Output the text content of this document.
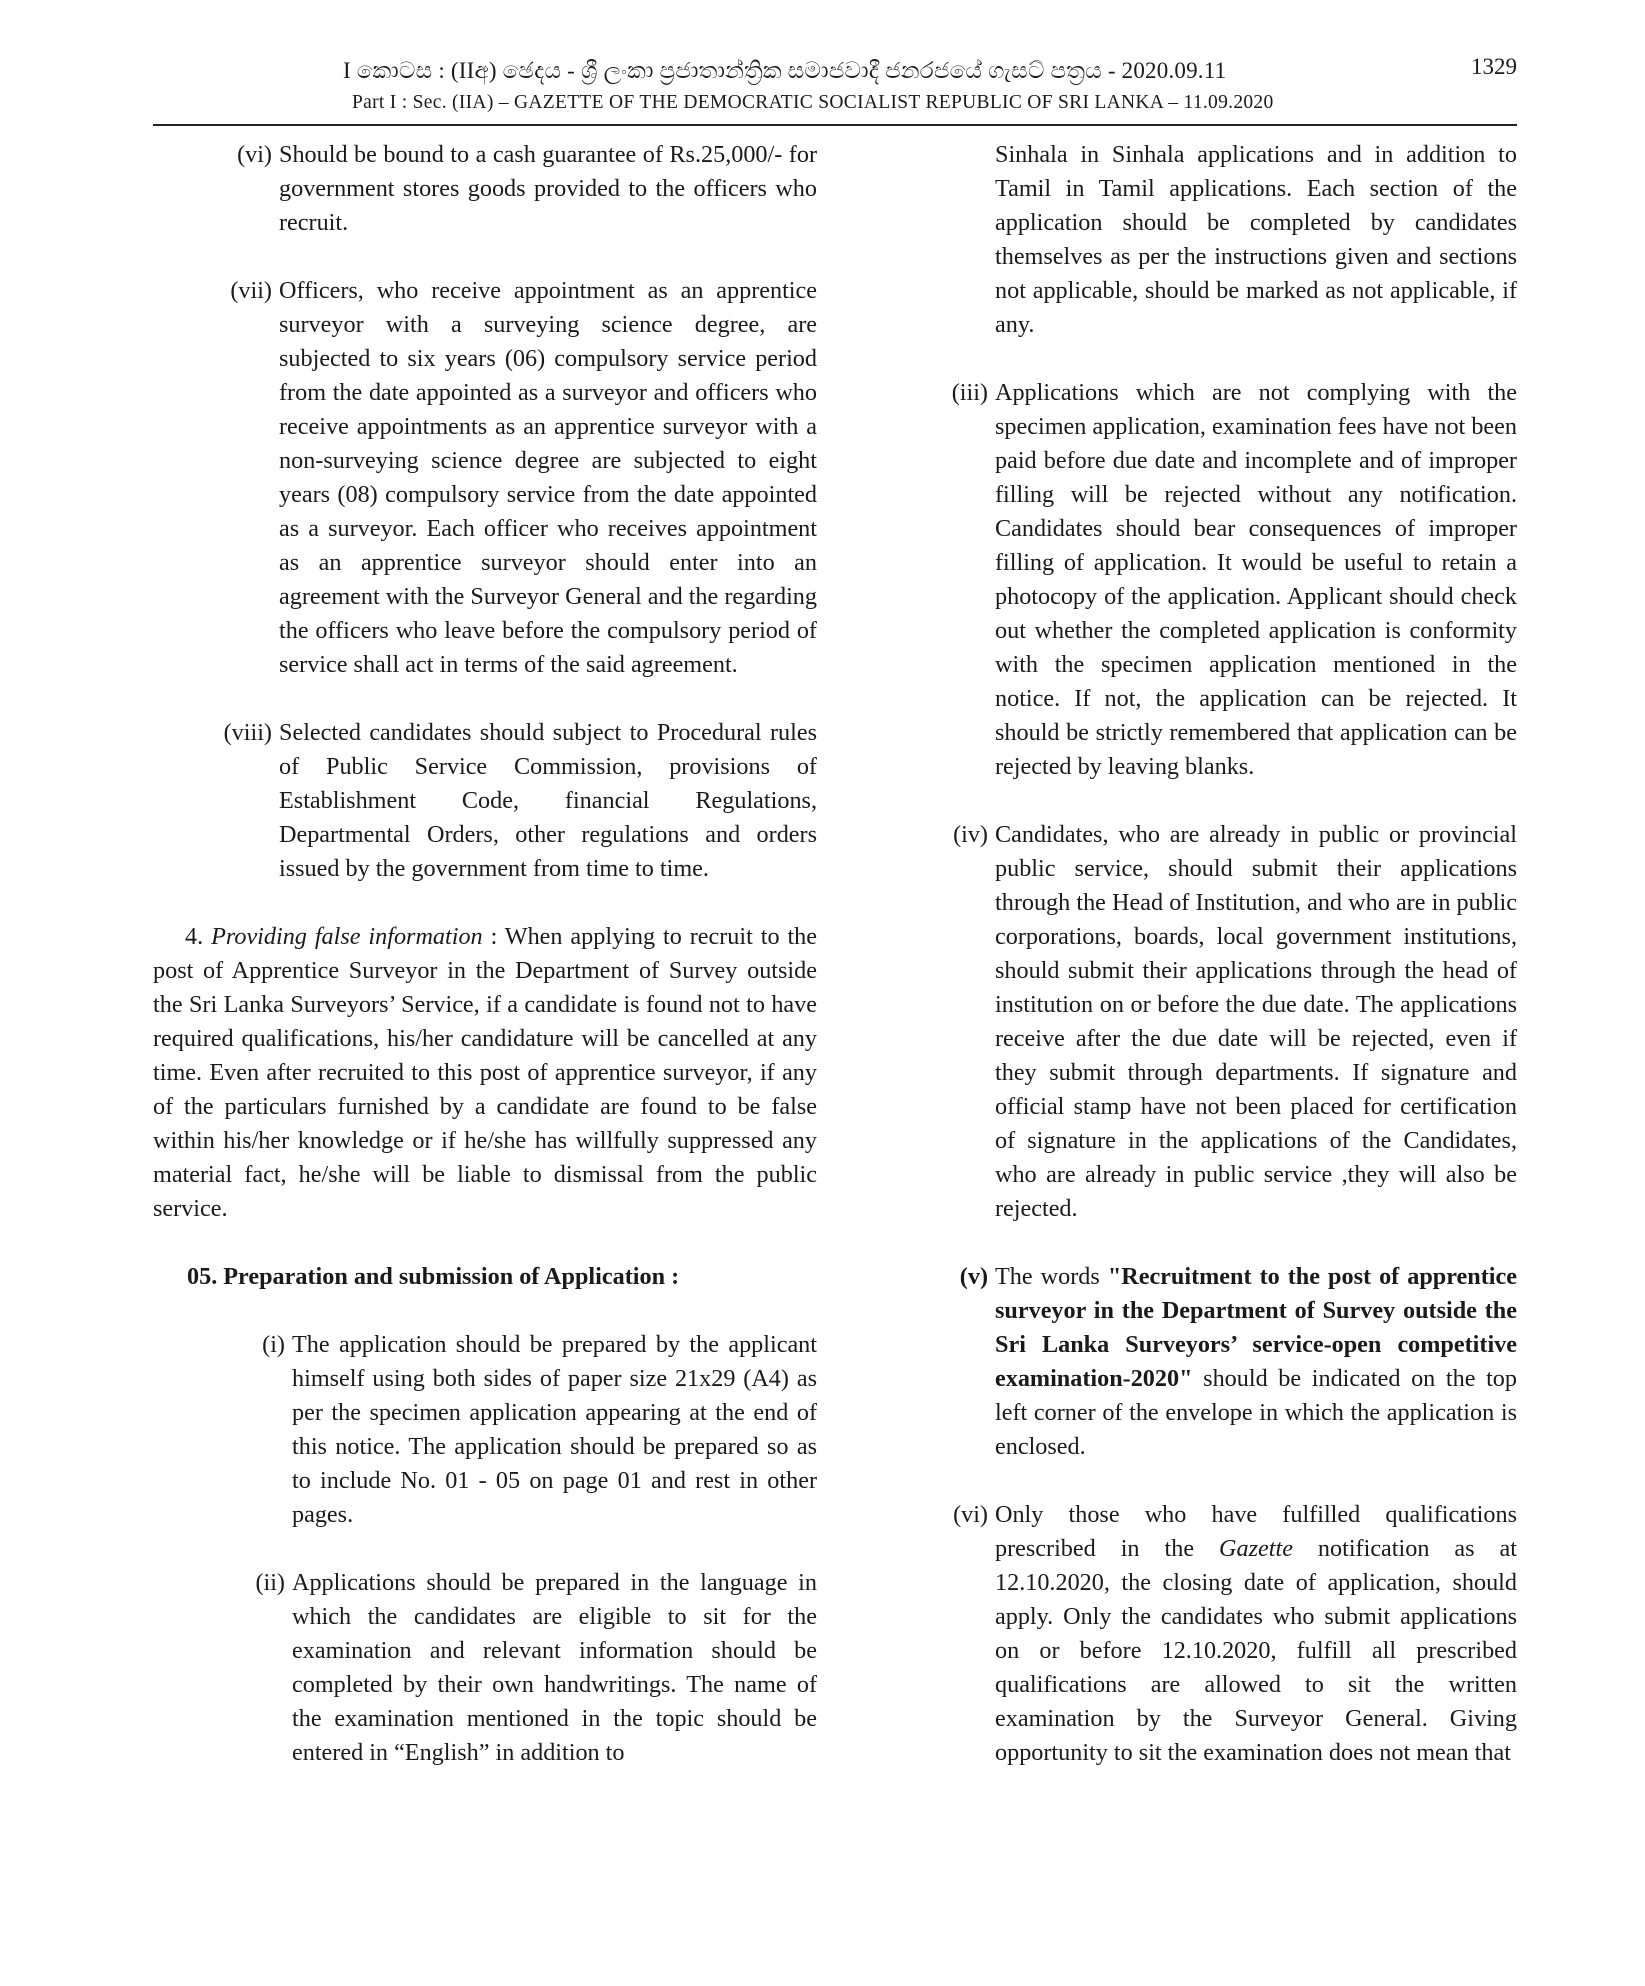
I කොටස : (IIඅ) ඡෙදය - ශ්‍රී ලංකා ප්‍රජාතාන්ත්‍රික සමාජවාදී ජනරජයේ ගැසට් පත්‍රය - 2020.09.11
Part I : Sec. (IIA) – GAZETTE OF THE DEMOCRATIC SOCIALIST REPUBLIC OF SRI LANKA – 11.09.2020
1329
(vi) Should be bound to a cash guarantee of Rs.25,000/- for government stores goods provided to the officers who recruit.
(vii) Officers, who receive appointment as an apprentice surveyor with a surveying science degree, are subjected to six years (06) compulsory service period from the date appointed as a surveyor and officers who receive appointments as an apprentice surveyor with a non-surveying science degree are subjected to eight years (08) compulsory service from the date appointed as a surveyor. Each officer who receives appointment as an apprentice surveyor should enter into an agreement with the Surveyor General and the regarding the officers who leave before the compulsory period of service shall act in terms of the said agreement.
(viii) Selected candidates should subject to Procedural rules of Public Service Commission, provisions of Establishment Code, financial Regulations, Departmental Orders, other regulations and orders issued by the government from time to time.

4. Providing false information : When applying to recruit to the post of Apprentice Surveyor in the Department of Survey outside the Sri Lanka Surveyors’ Service, if a candidate is found not to have required qualifications, his/her candidature will be cancelled at any time. Even after recruited to this post of apprentice surveyor, if any of the particulars furnished by a candidate are found to be false within his/her knowledge or if he/she has willfully suppressed any material fact, he/she will be liable to dismissal from the public service.

05. Preparation and submission of Application :

(i) The application should be prepared by the applicant himself using both sides of paper size 21x29 (A4) as per the specimen application appearing at the end of this notice. The application should be prepared so as to include No. 01 - 05 on page 01 and rest in other pages.
(ii) Applications should be prepared in the language in which the candidates are eligible to sit for the examination and relevant information should be completed by their own handwritings. The name of the examination mentioned in the topic should be entered in “English” in addition to
Sinhala in Sinhala applications and in addition to Tamil in Tamil applications. Each section of the application should be completed by candidates themselves as per the instructions given and sections not applicable, should be marked as not applicable, if any.
(iii) Applications which are not complying with the specimen application, examination fees have not been paid before due date and incomplete and of improper filling will be rejected without any notification. Candidates should bear consequences of improper filling of application. It would be useful to retain a photocopy of the application. Applicant should check out whether the completed application is conformity with the specimen application mentioned in the notice. If not, the application can be rejected. It should be strictly remembered that application can be rejected by leaving blanks.
(iv) Candidates, who are already in public or provincial public service, should submit their applications through the Head of Institution, and who are in public corporations, boards, local government institutions, should submit their applications through the head of institution on or before the due date. The applications receive after the due date will be rejected, even if they submit through departments. If signature and official stamp have not been placed for certification of signature in the applications of the Candidates, who are already in public service ,they will also be rejected.
(v) The words "Recruitment to the post of apprentice surveyor in the Department of Survey outside the Sri Lanka Surveyors’ service-open competitive examination-2020" should be indicated on the top left corner of the envelope in which the application is enclosed.
(vi) Only those who have fulfilled qualifications prescribed in the Gazette notification as at 12.10.2020, the closing date of application, should apply. Only the candidates who submit applications on or before 12.10.2020, fulfill all prescribed qualifications are allowed to sit the written examination by the Surveyor General. Giving opportunity to sit the examination does not mean that
